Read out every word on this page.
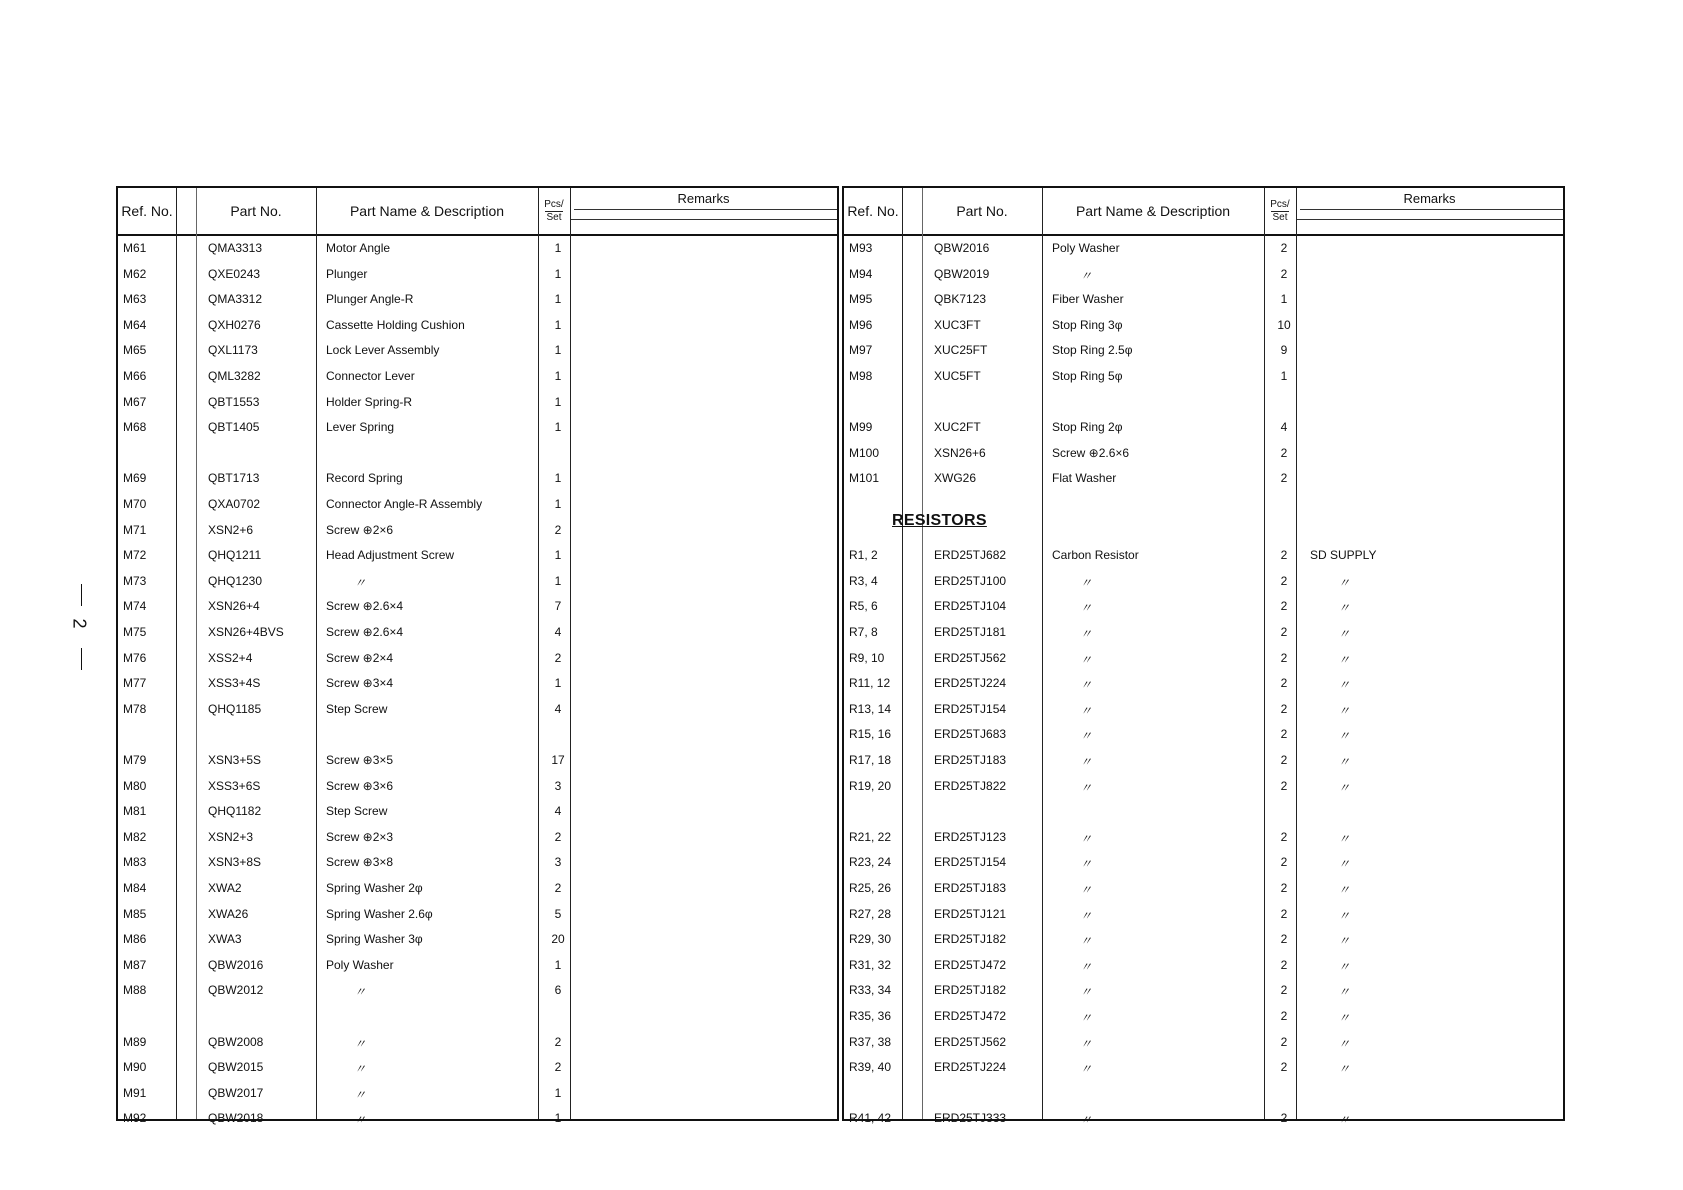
2
Ref. No.	Part No.	Part Name & Description	Pcs/
Set
Remarks
M61	QMA3313	Motor Angle	1
M62	QXE0243	Plunger	1
M63	QMA3312	Plunger Angle-R	1
M64	QXH0276	Cassette Holding Cushion	1
M65	QXL1173	Lock Lever Assembly	1
M66	QML3282	Connector Lever	1
M67	QBT1553	Holder Spring-R	1
M68	QBT1405	Lever Spring	1
M69	QBT1713	Record Spring	1
M70	QXA0702	Connector Angle-R Assembly	1
M71	XSN2+6	Screw ⊕2×6	2
M72	QHQ1211	Head Adjustment Screw	1
M73	QHQ1230	〃	1
M74	XSN26+4	Screw ⊕2.6×4	7
M75	XSN26+4BVS	Screw ⊕2.6×4	4
M76	XSS2+4	Screw ⊕2×4	2
M77	XSS3+4S	Screw ⊕3×4	1
M78	QHQ1185	Step Screw	4
M79	XSN3+5S	Screw ⊕3×5	17
M80	XSS3+6S	Screw ⊕3×6	3
M81	QHQ1182	Step Screw	4
M82	XSN2+3	Screw ⊕2×3	2
M83	XSN3+8S	Screw ⊕3×8	3
M84	XWA2	Spring Washer 2φ	2
M85	XWA26	Spring Washer 2.6φ	5
M86	XWA3	Spring Washer 3φ	20
M87	QBW2016	Poly Washer	1
M88	QBW2012	〃	6
M89	QBW2008	〃	2
M90	QBW2015	〃	2
M91	QBW2017	〃	1
M92	QBW2018	〃	1
Ref. No.	Part No.	Part Name & Description	Pcs/
Set
Remarks
M93	QBW2016	Poly Washer	2
M94	QBW2019	〃	2
M95	QBK7123	Fiber Washer	1
M96	XUC3FT	Stop Ring 3φ	10
M97	XUC25FT	Stop Ring 2.5φ	9
M98	XUC5FT	Stop Ring 5φ	1
M99	XUC2FT	Stop Ring 2φ	4
M100	XSN26+6	Screw ⊕2.6×6	2
M101	XWG26	Flat Washer	2
R1, 2	ERD25TJ682	Carbon Resistor	2	SD SUPPLY
R3, 4	ERD25TJ100	〃	2	〃
R5, 6	ERD25TJ104	〃	2	〃
R7, 8	ERD25TJ181	〃	2	〃
R9, 10	ERD25TJ562	〃	2	〃
R11, 12	ERD25TJ224	〃	2	〃
R13, 14	ERD25TJ154	〃	2	〃
R15, 16	ERD25TJ683	〃	2	〃
R17, 18	ERD25TJ183	〃	2	〃
R19, 20	ERD25TJ822	〃	2	〃
R21, 22	ERD25TJ123	〃	2	〃
R23, 24	ERD25TJ154	〃	2	〃
R25, 26	ERD25TJ183	〃	2	〃
R27, 28	ERD25TJ121	〃	2	〃
R29, 30	ERD25TJ182	〃	2	〃
R31, 32	ERD25TJ472	〃	2	〃
R33, 34	ERD25TJ182	〃	2	〃
R35, 36	ERD25TJ472	〃	2	〃
R37, 38	ERD25TJ562	〃	2	〃
R39, 40	ERD25TJ224	〃	2	〃
R41, 42	ERD25TJ333	〃	2	〃
RESISTORS
